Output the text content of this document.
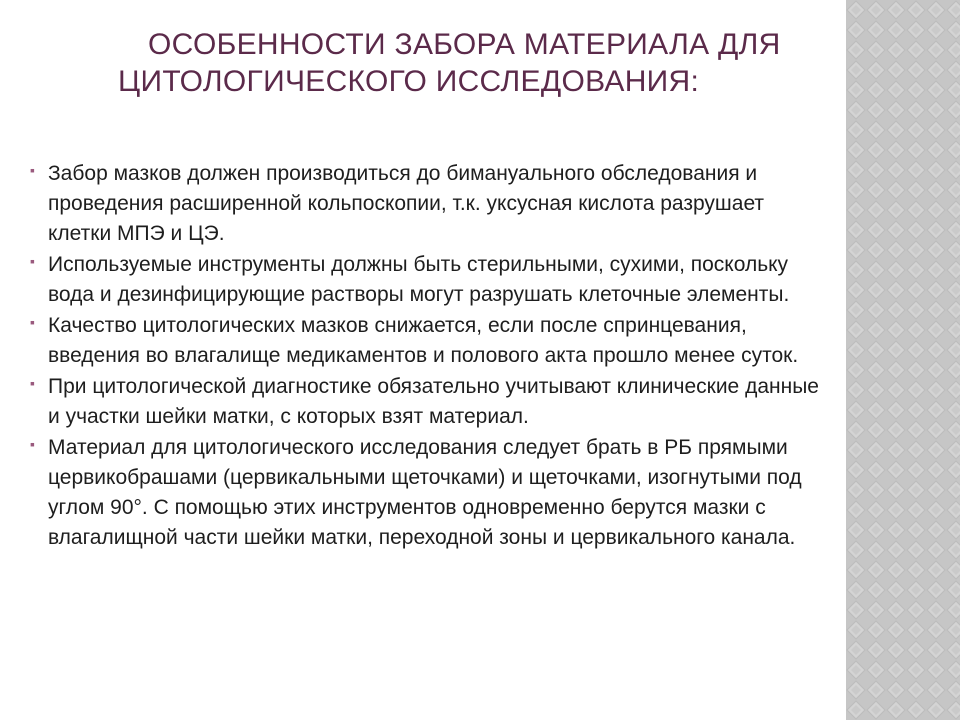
ОСОБЕННОСТИ ЗАБОРА МАТЕРИАЛА ДЛЯ
ЦИТОЛОГИЧЕСКОГО ИССЛЕДОВАНИЯ:
▪ Забор мазков должен производиться до бимануального обследования и проведения расширенной кольпоскопии, т.к. уксусная кислота разрушает клетки МПЭ и ЦЭ.
▪ Используемые инструменты должны быть стерильными, сухими, поскольку вода и дезинфицирующие растворы могут разрушать клеточные элементы.
▪ Качество цитологических мазков снижается, если после спринцевания, введения во влагалище медикаментов и полового акта прошло менее суток.
▪ При цитологической диагностике обязательно учитывают клинические данные и участки шейки матки, с которых взят материал.
▪ Материал для цитологического исследования следует брать в РБ прямыми цервикобрашами (цервикальными щеточками) и щеточками, изогнутыми под углом 90°. С помощью этих инструментов одновременно берутся мазки с влагалищной части шейки матки, переходной зоны и цервикального канала.
